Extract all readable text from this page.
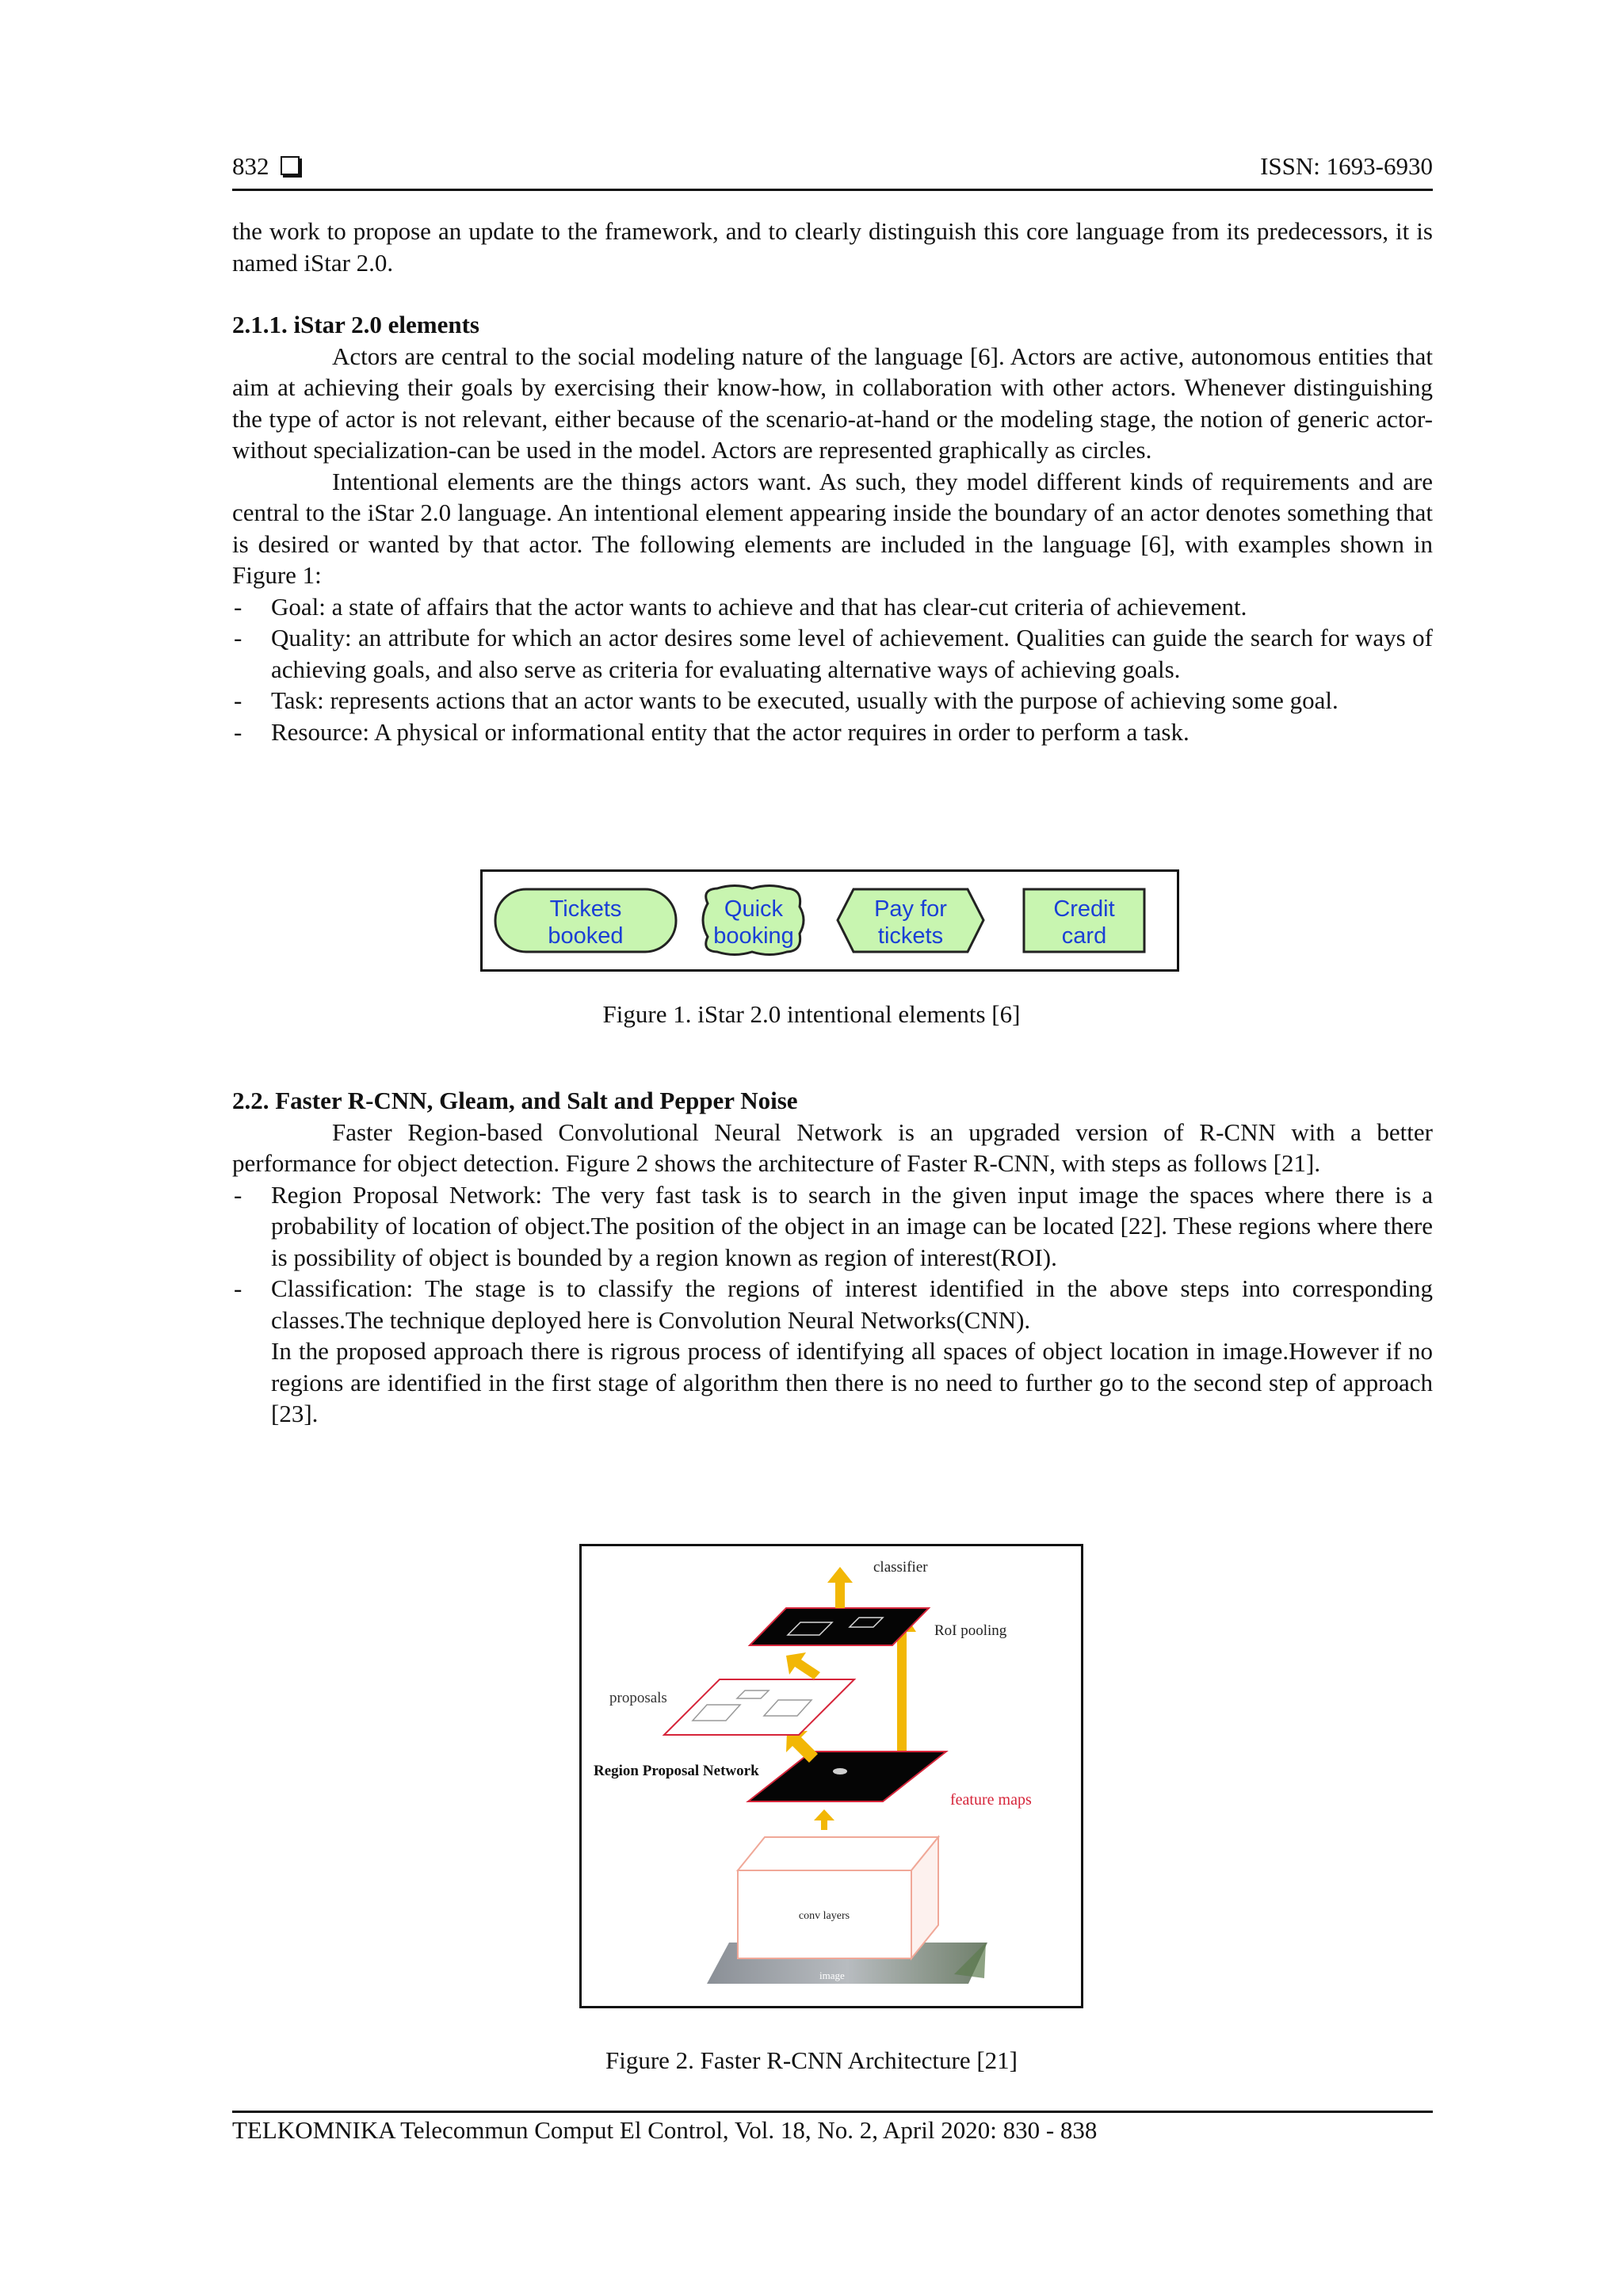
832	ISSN: 1693-6930

the work to propose an update to the framework, and to clearly distinguish this core language from its predecessors, it is named iStar 2.0.

2.1.1. iStar 2.0 elements

Actors are central to the social modeling nature of the language [6]. Actors are active, autonomous entities that aim at achieving their goals by exercising their know-how, in collaboration with other actors. Whenever distinguishing the type of actor is not relevant, either because of the scenario-at-hand or the modeling stage, the notion of generic actor-without specialization-can be used in the model. Actors are represented graphically as circles.

Intentional elements are the things actors want. As such, they model different kinds of requirements and are central to the iStar 2.0 language. An intentional element appearing inside the boundary of an actor denotes something that is desired or wanted by that actor. The following elements are included in the language [6], with examples shown in Figure 1:

- Goal: a state of affairs that the actor wants to achieve and that has clear-cut criteria of achievement.
- Quality: an attribute for which an actor desires some level of achievement. Qualities can guide the search for ways of achieving goals, and also serve as criteria for evaluating alternative ways of achieving goals.
- Task: represents actions that an actor wants to be executed, usually with the purpose of achieving some goal.
- Resource: A physical or informational entity that the actor requires in order to perform a task.
Tickets
booked
Quick
booking
Pay for
tickets
Credit
card
Figure 1. iStar 2.0 intentional elements [6]
2.2. Faster R-CNN, Gleam, and Salt and Pepper Noise

Faster Region-based Convolutional Neural Network is an upgraded version of R-CNN with a better performance for object detection. Figure 2 shows the architecture of Faster R-CNN, with steps as follows [21].

- Region Proposal Network: The very fast task is to search in the given input image the spaces where there is a probability of location of object.The position of the object in an image can be located [22]. These regions where there is possibility of object is bounded by a region known as region of interest(ROI).
- Classification: The stage is to classify the regions of interest identified in the above steps into corresponding classes.The technique deployed here is Convolution Neural Networks(CNN).

In the proposed approach there is rigrous process of identifying all spaces of object location in image.However if no regions are identified in the first stage of algorithm then there is no need to further go to the second step of approach [23].

image
conv layers
feature maps
Region Proposal Network
proposals
RoI pooling
classifier
Figure 2. Faster R-CNN Architecture [21]
TELKOMNIKA Telecommun Comput El Control, Vol. 18, No. 2, April 2020: 830 - 838
